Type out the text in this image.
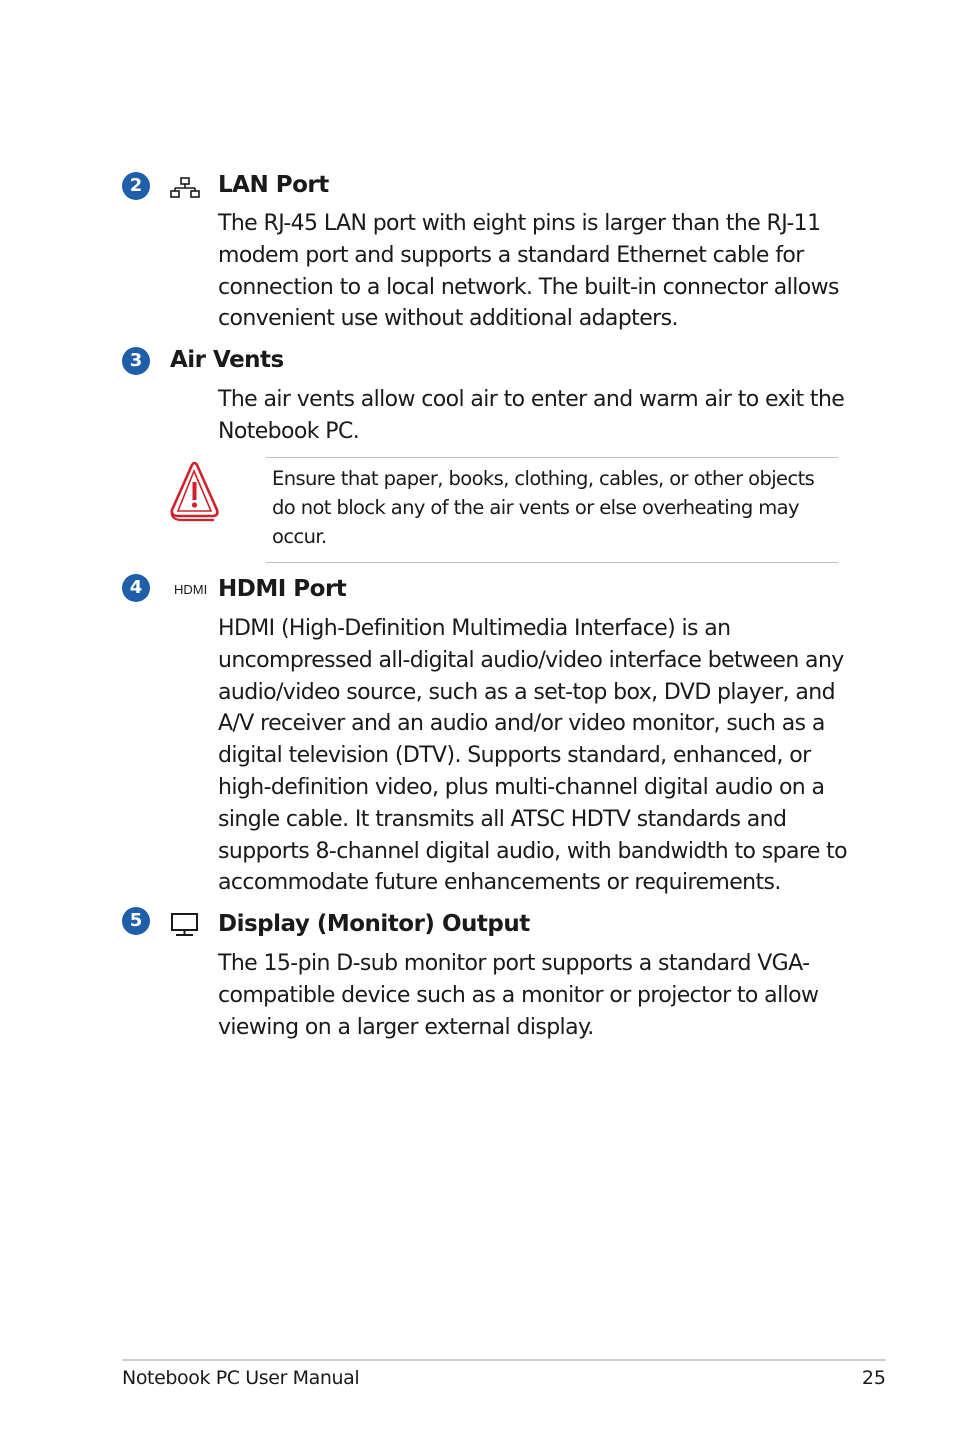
2	LAN Port
The RJ-45 LAN port with eight pins is larger than the RJ-11 modem port and supports a standard Ethernet cable for connection to a local network. The built-in connector allows convenient use without additional adapters.
3	Air Vents
The air vents allow cool air to enter and warm air to exit the Notebook PC.
Ensure that paper, books, clothing, cables, or other objects do not block any of the air vents or else overheating may occur.
4	HDMI HDMI Port
HDMI (High-Definition Multimedia Interface) is an uncompressed all-digital audio/video interface between any audio/video source, such as a set-top box, DVD player, and A/V receiver and an audio and/or video monitor, such as a digital television (DTV). Supports standard, enhanced, or high-definition video, plus multi-channel digital audio on a single cable. It transmits all ATSC HDTV standards and supports 8-channel digital audio, with bandwidth to spare to accommodate future enhancements or requirements.
5	Display (Monitor) Output
The 15-pin D-sub monitor port supports a standard VGA-compatible device such as a monitor or projector to allow viewing on a larger external display.
Notebook PC User Manual	25
